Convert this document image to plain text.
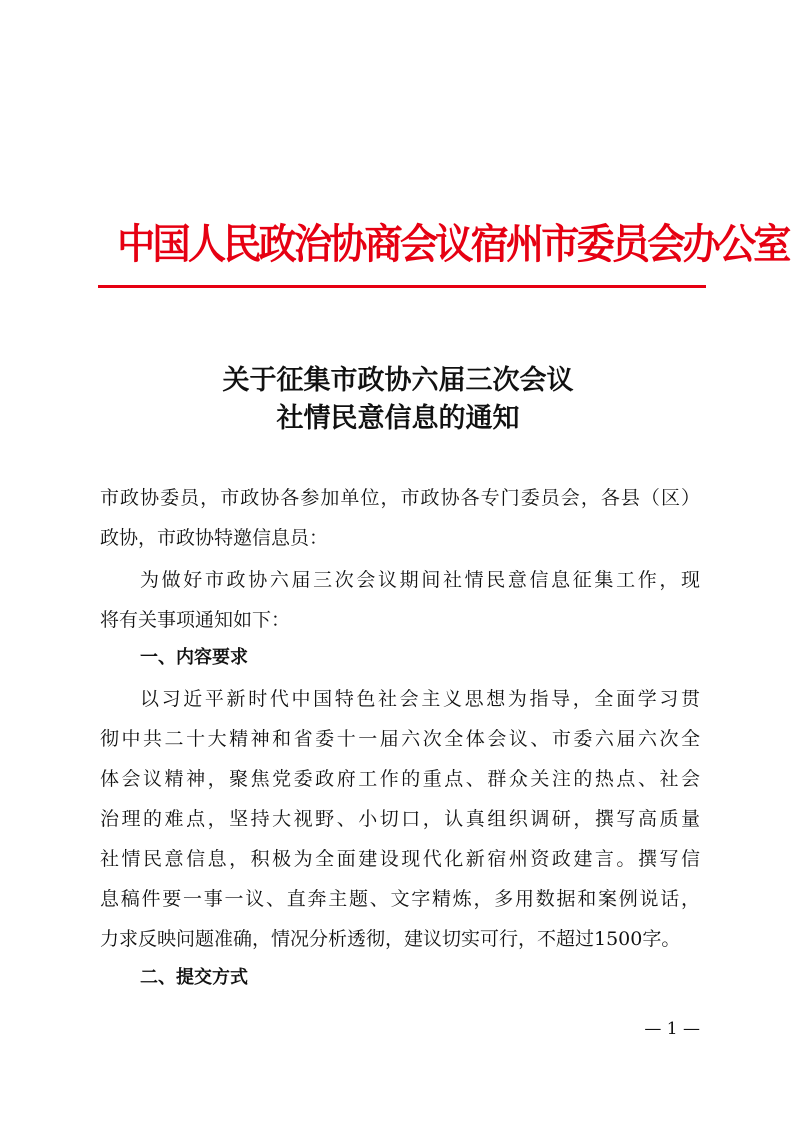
中国人民政治协商会议宿州市委员会办公室
关于征集市政协六届三次会议
社情民意信息的通知
市政协委员，市政协各参加单位，市政协各专门委员会，各县（区）
政协，市政协特邀信息员：
为做好市政协六届三次会议期间社情民意信息征集工作，现
将有关事项通知如下：
一、内容要求
以习近平新时代中国特色社会主义思想为指导，全面学习贯
彻中共二十大精神和省委十一届六次全体会议、市委六届六次全
体会议精神，聚焦党委政府工作的重点、群众关注的热点、社会
治理的难点，坚持大视野、小切口，认真组织调研，撰写高质量
社情民意信息，积极为全面建设现代化新宿州资政建言。撰写信
息稿件要一事一议、直奔主题、文字精炼，多用数据和案例说话，
力求反映问题准确，情况分析透彻，建议切实可行，不超过1500字。
二、提交方式
— 1 —
